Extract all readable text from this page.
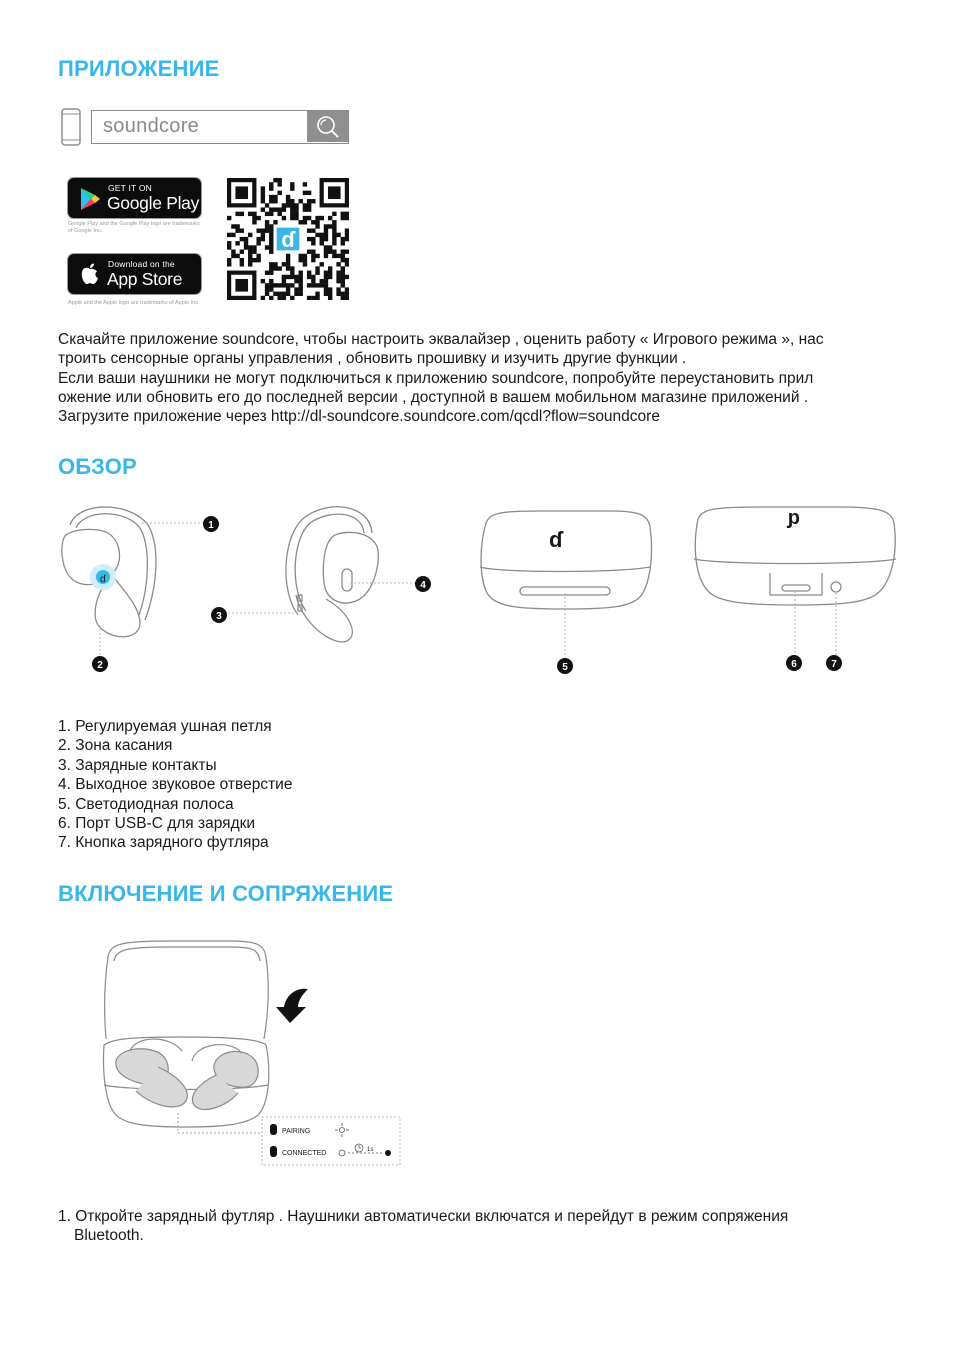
ПРИЛОЖЕНИЕ
soundcore
GET IT ON
Google Play
Google Play and the Google Play logo are trademarks of Google Inc.
Download on the
App Store
Apple and the Apple logo are trademarks of Apple Inc.
ɗ
Скачайте приложение soundcore, чтобы настроить эквалайзер , оценить работу « Игрового режима », нас
троить сенсорные органы управления , обновить прошивку и изучить другие функции .
Если ваши наушники не могут подключиться к приложению soundcore, попробуйте переустановить прил
ожение или обновить его до последней версии , доступной в вашем мобильном магазине приложений .
Загрузите приложение через http://dl-soundcore.soundcore.com/qcdl?flow=soundcore
ОБЗОР
ɗ
ɗ
ɗ
1
2
3
4
5	6	7
1. Регулируемая ушная петля
2. Зона касания
3. Зарядные контакты
4. Выходное звуковое отверстие
5. Светодиодная полоса
6. Порт USB-C для зарядки
7. Кнопка зарядного футляра
ВКЛЮЧЕНИЕ И СОПРЯЖЕНИЕ
PAIRING
CONNECTED	1s
1. Откройте зарядный футляр . Наушники автоматически включатся и перейдут в режим сопряжения
Bluetooth.
